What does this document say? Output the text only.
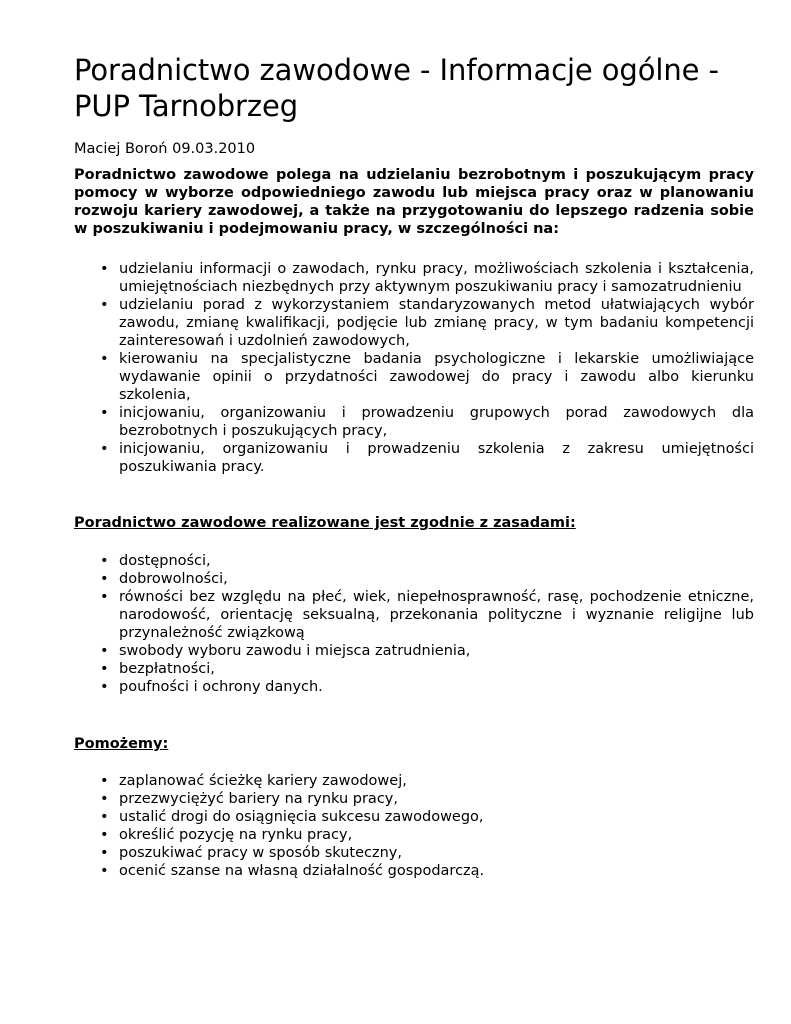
Poradnictwo zawodowe - Informacje ogólne - PUP Tarnobrzeg
Maciej Boroń 09.03.2010
Poradnictwo zawodowe polega na udzielaniu bezrobotnym i poszukującym pracy pomocy w wyborze odpowiedniego zawodu lub miejsca pracy oraz w planowaniu rozwoju kariery zawodowej, a także na przygotowaniu do lepszego radzenia sobie w poszukiwaniu i podejmowaniu pracy, w szczególności na:
• udzielaniu informacji o zawodach, rynku pracy, możliwościach szkolenia i kształcenia, umiejętnościach niezbędnych przy aktywnym poszukiwaniu pracy i samozatrudnieniu
• udzielaniu porad z wykorzystaniem standaryzowanych metod ułatwiających wybór zawodu, zmianę kwalifikacji, podjęcie lub zmianę pracy, w tym badaniu kompetencji zainteresowań i uzdolnień zawodowych,
• kierowaniu na specjalistyczne badania psychologiczne i lekarskie umożliwiające wydawanie opinii o przydatności zawodowej do pracy i zawodu albo kierunku szkolenia,
• inicjowaniu, organizowaniu i prowadzeniu grupowych porad zawodowych dla bezrobotnych i poszukujących pracy,
• inicjowaniu, organizowaniu i prowadzeniu szkolenia z zakresu umiejętności poszukiwania pracy.
Poradnictwo zawodowe realizowane jest zgodnie z zasadami:
• dostępności,
• dobrowolności,
• równości bez względu na płeć, wiek, niepełnosprawność, rasę, pochodzenie etniczne, narodowość, orientację seksualną, przekonania polityczne i wyznanie religijne lub przynależność związkową
• swobody wyboru zawodu i miejsca zatrudnienia,
• bezpłatności,
• poufności i ochrony danych.
Pomożemy:
• zaplanować ścieżkę kariery zawodowej,
• przezwyciężyć bariery na rynku pracy,
• ustalić drogi do osiągnięcia sukcesu zawodowego,
• określić pozycję na rynku pracy,
• poszukiwać pracy w sposób skuteczny,
• ocenić szanse na własną działalność gospodarczą.
